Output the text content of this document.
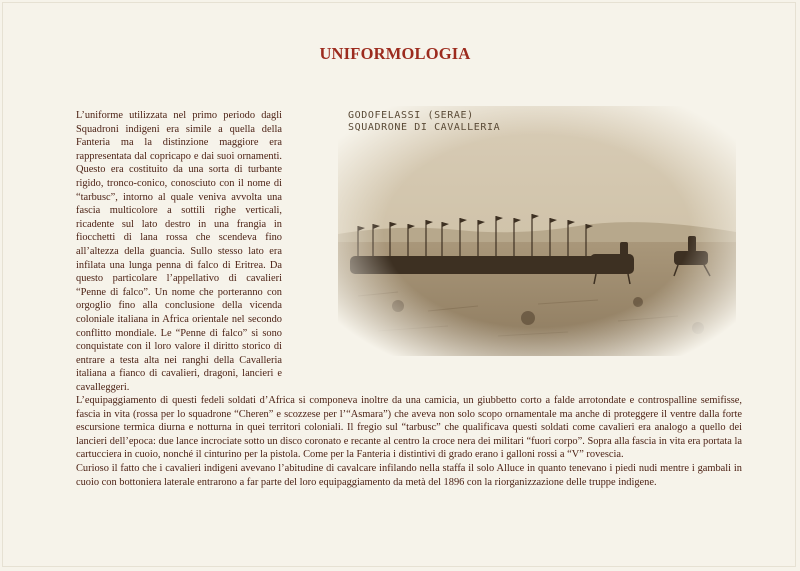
UNIFORMOLOGIA

L’uniforme utilizzata nel primo periodo dagli Squadroni indigeni era simile a quella della Fanteria ma la distinzione maggiore era rappresentata dal copricapo e dai suoi ornamenti. Questo era costituito da una sorta di turbante rigido, tronco-conico, conosciuto con il nome di “tarbusc”, intorno al quale veniva avvolta una fascia multicolore a sottili righe verticali, ricadente sul lato destro in una frangia in fiocchetti di lana rossa che scendeva fino all’altezza della guancia. Sullo stesso lato era infilata una lunga penna di falco di Eritrea. Da questo particolare l’appellativo di cavalieri “Penne di falco”. Un nome che porteranno con orgoglio fino alla conclusione della vicenda coloniale italiana in Africa orientale nel secondo conflitto mondiale. Le “Penne di falco” si sono conquistate con il loro valore il diritto storico di entrare a testa alta nei ranghi della Cavalleria italiana a fianco di cavalieri, dragoni, lancieri e cavalleggeri.

GODOFELASSI (SERAE)

SQUADRONE DI CAVALLERIA

L’equipaggiamento di questi fedeli soldati d’Africa si componeva inoltre da una camicia, un giubbetto corto a falde arrotondate e controspalline semifisse, fascia in vita (rossa per lo squadrone “Cheren” e scozzese per l’“Asmara”) che aveva non solo scopo ornamentale ma anche di proteggere il ventre dalla forte escursione termica diurna e notturna in quei territori coloniali. Il fregio sul “tarbusc” che qualificava questi soldati come cavalieri era analogo a quello dei lancieri dell’epoca: due lance incrociate sotto un disco coronato e recante al centro la croce nera dei militari “fuori corpo”. Sopra alla fascia in vita era portata la cartucciera in cuoio, nonché il cinturino per la pistola. Come per la Fanteria i distintivi di grado erano i galloni rossi a “V” rovescia.

Curioso il fatto che i cavalieri indigeni avevano l’abitudine di cavalcare infilando nella staffa il solo Alluce in quanto tenevano i piedi nudi mentre i gambali in cuoio con bottoniera laterale entrarono a far parte del loro equipaggiamento da metà del 1896 con la riorganizzazione delle truppe indigene.
